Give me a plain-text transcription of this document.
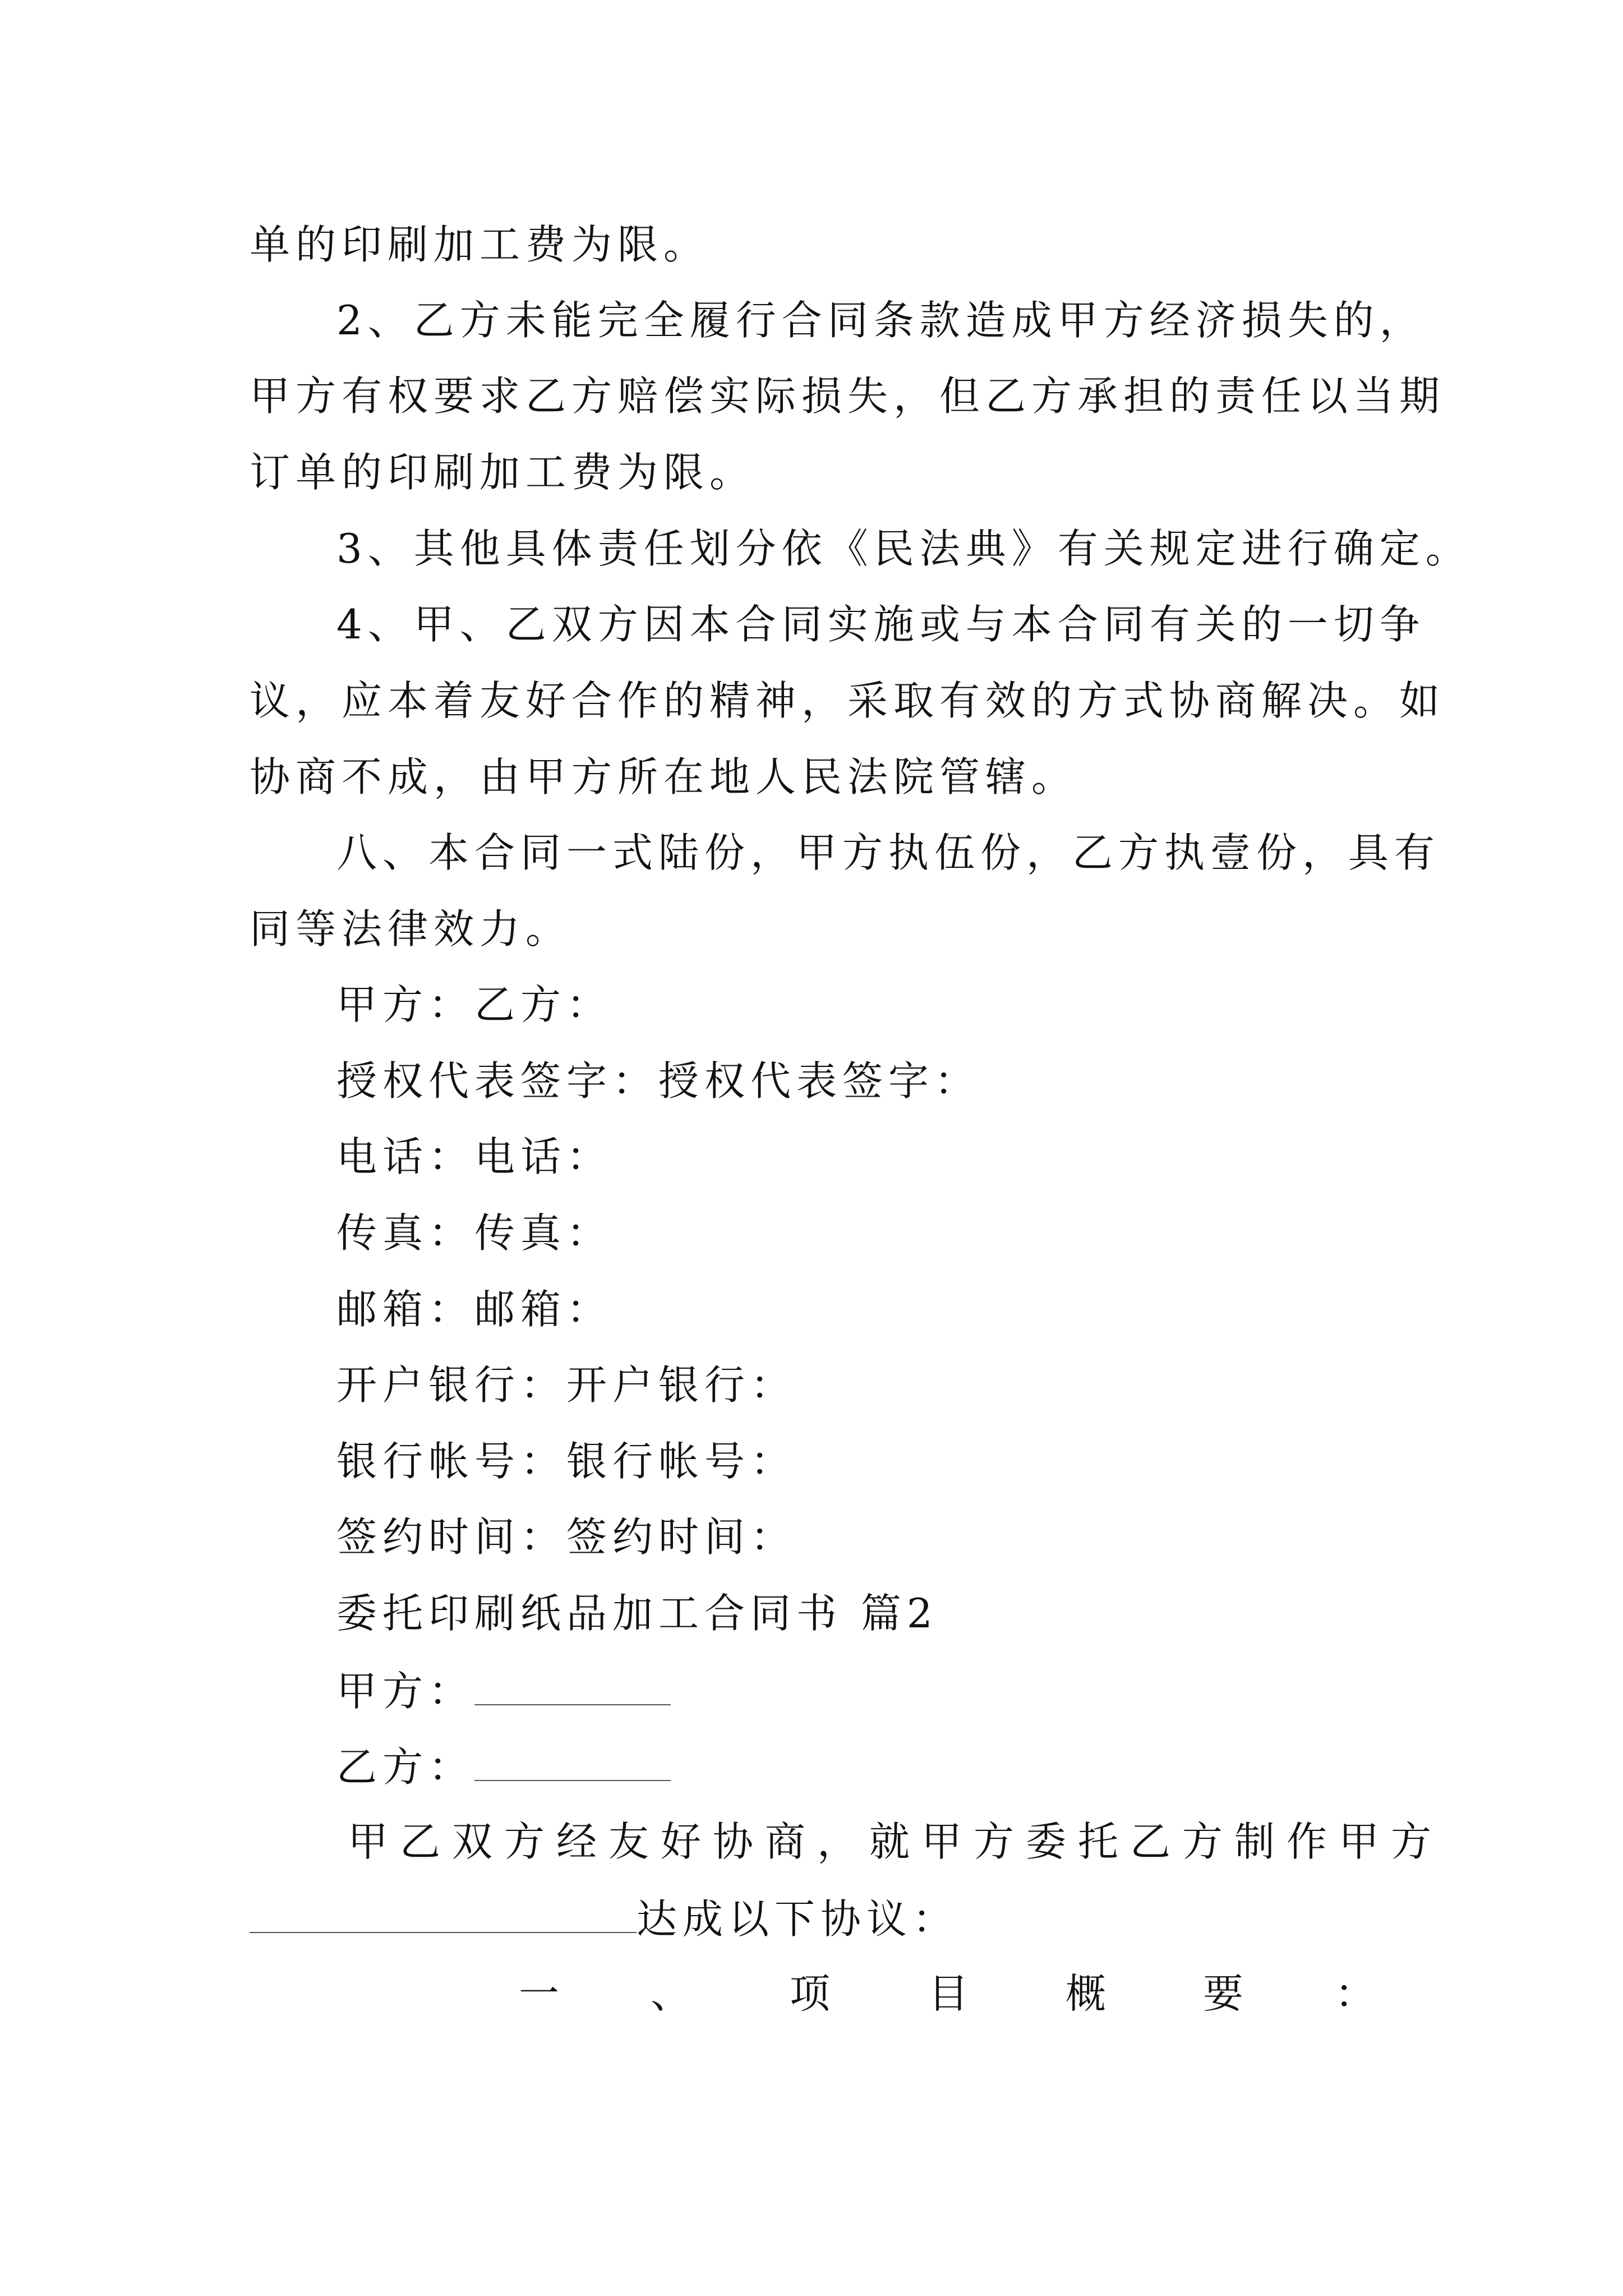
单的印刷加工费为限。
2、乙方未能完全履行合同条款造成甲方经济损失的，
甲方有权要求乙方赔偿实际损失，但乙方承担的责任以当期
订单的印刷加工费为限。
3、其他具体责任划分依《民法典》有关规定进行确定。
4、甲、乙双方因本合同实施或与本合同有关的一切争
议，应本着友好合作的精神，采取有效的方式协商解决。如
协商不成，由甲方所在地人民法院管辖。
八、本合同一式陆份，甲方执伍份，乙方执壹份，具有
同等法律效力。
甲方：乙方：
授权代表签字：授权代表签字：
电话：电话：
传真：传真：
邮箱：邮箱：
开户银行：开户银行：
银行帐号：银行帐号：
签约时间：签约时间：
委托印刷纸品加工合同书 篇2
甲方：
乙方：
甲乙双方经友好协商，就甲方委托乙方制作甲方
达成以下协议：
一 、 项 目 概 要 ：
